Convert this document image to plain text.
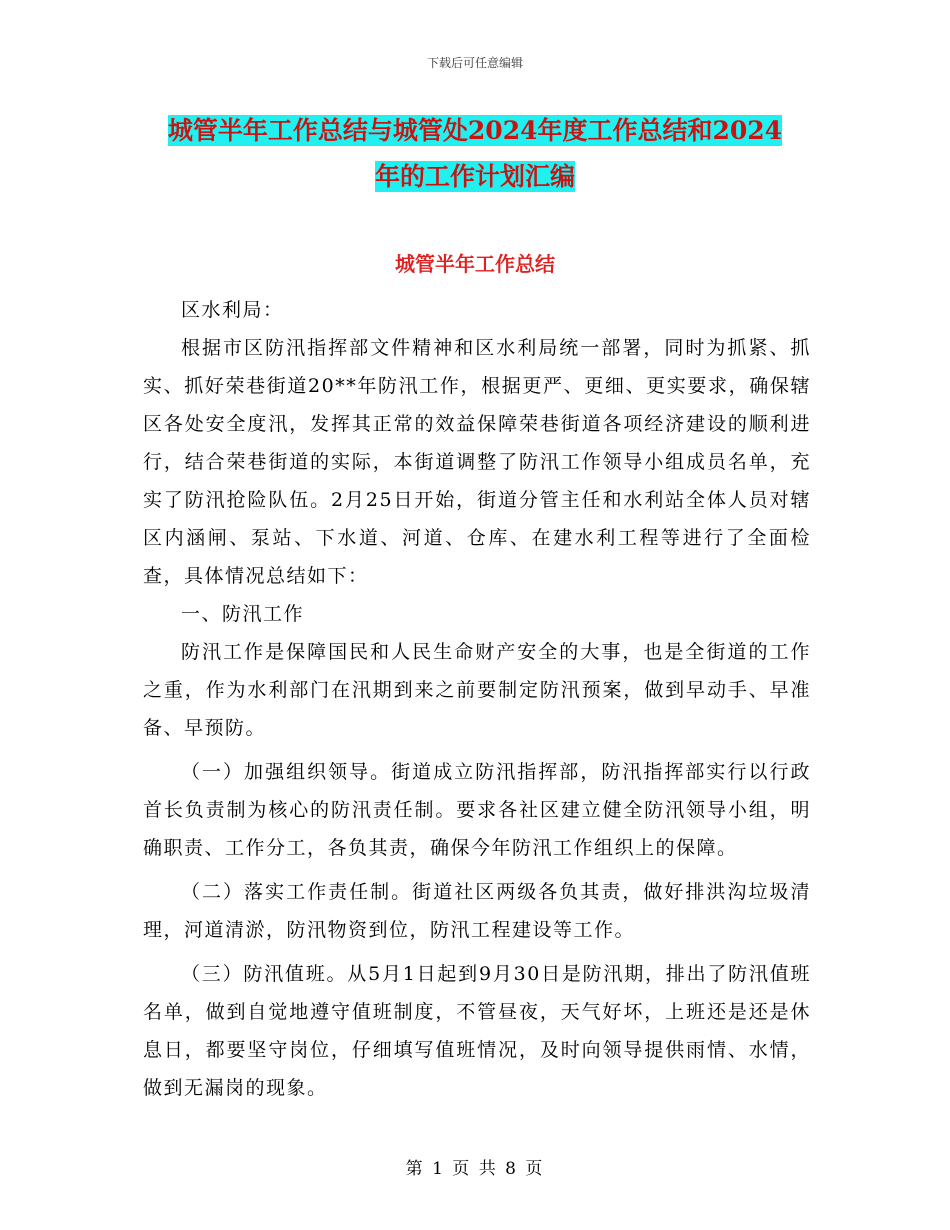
下载后可任意编辑
城管半年工作总结与城管处2024年度工作总结和2024
年的工作计划汇编
城管半年工作总结

区水利局：

根据市区防汛指挥部文件精神和区水利局统一部署，同时为抓紧、抓实、抓好荣巷街道20**年防汛工作，根据更严、更细、更实要求，确保辖区各处安全度汛，发挥其正常的效益保障荣巷街道各项经济建设的顺利进行，结合荣巷街道的实际，本街道调整了防汛工作领导小组成员名单，充实了防汛抢险队伍。2月25日开始，街道分管主任和水利站全体人员对辖区内涵闸、泵站、下水道、河道、仓库、在建水利工程等进行了全面检查，具体情况总结如下：

一、防汛工作

防汛工作是保障国民和人民生命财产安全的大事，也是全街道的工作之重，作为水利部门在汛期到来之前要制定防汛预案，做到早动手、早准备、早预防。

（一）加强组织领导。街道成立防汛指挥部，防汛指挥部实行以行政首长负责制为核心的防汛责任制。要求各社区建立健全防汛领导小组，明确职责、工作分工，各负其责，确保今年防汛工作组织上的保障。

（二）落实工作责任制。街道社区两级各负其责，做好排洪沟垃圾清理，河道清淤，防汛物资到位，防汛工程建设等工作。

（三）防汛值班。从5月1日起到9月30日是防汛期，排出了防汛值班名单，做到自觉地遵守值班制度，不管昼夜，天气好坏，上班还是还是休息日，都要坚守岗位，仔细填写值班情况，及时向领导提供雨情、水情，做到无漏岗的现象。

第 1 页 共 8 页
